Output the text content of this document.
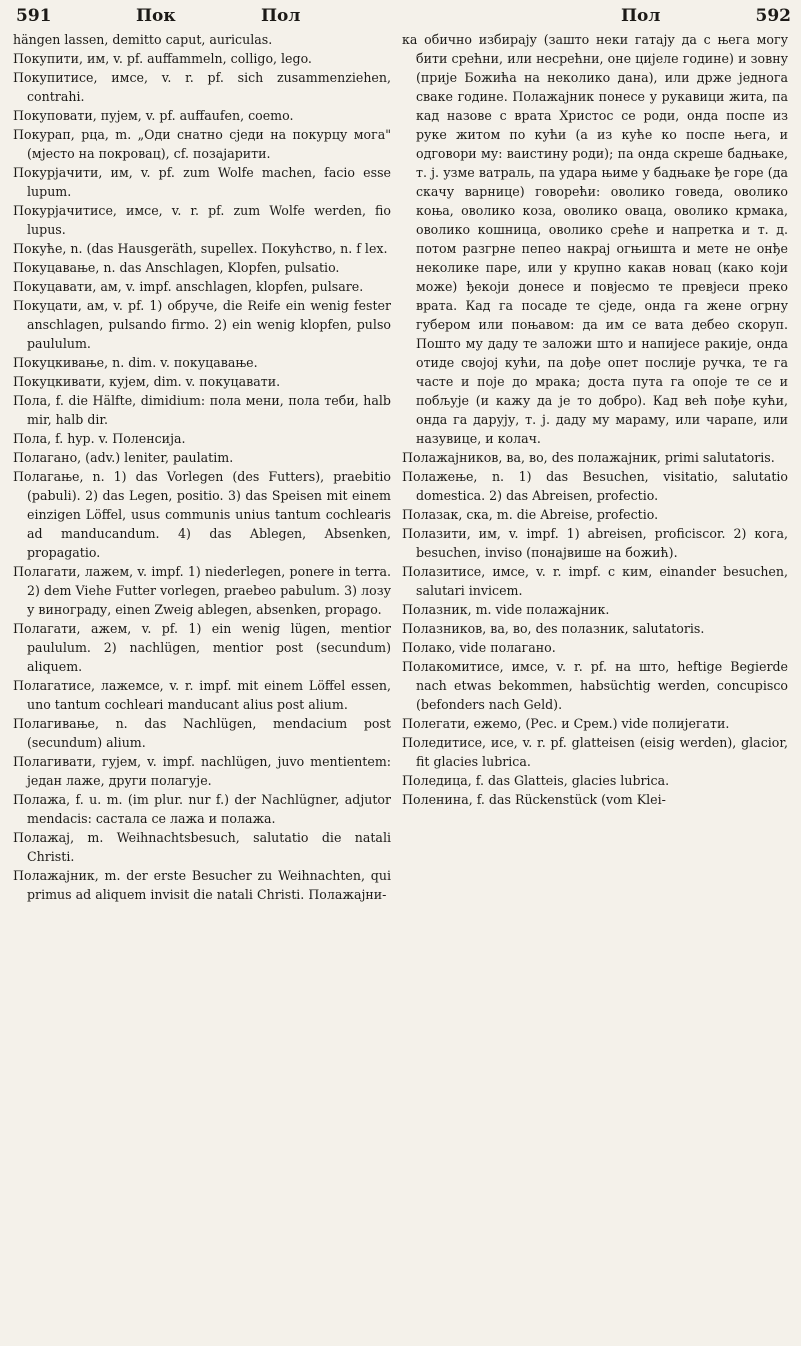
591	Пок	Пол	Пол	592

hängen lassen, demitto caput, auriculas.

Покупити, им, v. pf. auffammeln, colligo, lego.

Покупитисе, имсе, v. r. pf. sich zusammenziehen, contrahi.

Покуповати, пујем, v. pf. auffaufen, coemo.

Покурап, рца, m. „Оди снатно сједи на покурцу мога" (мјесто на покровац), cf. позајарити.

Покурјачити, им, v. pf. zum Wolfe machen, facio esse lupum.

Покурјачитисе, имсе, v. r. pf. zum Wolfe werden, fio lupus.

Покућe, n. (das Hausgeräth, supellex. Покућство, n. f lex.

Покуцавање, n. das Anschlagen, Klopfen, pulsatio.

Покуцавати, ам, v. impf. anschlagen, klopfen, pulsare.

Покуцати, ам, v. pf. 1) обруче, die Reife ein wenig fester anschlagen, pulsando firmo. 2) ein wenig klopfen, pulso paululum.

Покуцкивање, n. dim. v. покуцавање.

Покуцкивати, кујем, dim. v. покуцавати.

Пола, f. die Hälfte, dimidium: пола мени, пола теби, halb mir, halb dir.

Пола, f. hyp. v. Поленсија.

Полагано, (adv.) leniter, paulatim.

Полагање, n. 1) das Vorlegen (des Futters), praebitio (pabuli). 2) das Legen, positio. 3) das Speisen mit einem einzigen Löffel, usus communis unius tantum cochlearis ad manducandum. 4) das Ablegen, Absenken, propagatio.

Полагати, лажем, v. impf. 1) niederlegen, ponere in terra. 2) dem Viehe Futter vorlegen, praebeo pabulum. 3) лозу у винограду, einen Zweig ablegen, absenken, propago.

Полагати, ажем, v. pf. 1) ein wenig lügen, mentior paululum. 2) nachlügen, mentior post (secundum) aliquem.

Полагатисе, лажемсе, v. r. impf. mit einem Löffel essen, uno tantum cochleari manducant alius post alium.

Полагивање, n. das Nachlügen, mendacium post (secundum) alium.

Полагивати, гујем, v. impf. nachlügen, juvo mentientem: један лаже, други полагује.

Полажа, f. u. m. (im plur. nur f.) der Nachlügner, adjutor mendacis: састала се лажа и полажа.

Полажај, m. Weihnachtsbesuch, salutatio die natali Christi.

Полажајник, m. der erste Besucher zu Weihnachten, qui primus ad aliquem invisit die natali Christi. Полажајни-

ка обично избирају (зашто неки гатају да с њега могу бити срећни, или несрећни, оне цијеле године) и зовну (прије Божића на неколико дана), или држе једнога сваке године. Полажајник понесе у рукавици жита, па кад назове с врата Христос се роди, онда поспе из руке житом по кући (а из куће ко поспе њега, и одговори му: ваистину роди); па онда скреше бадњаке, т. ј. узме ватраль, па удара њиме у бадњаке ђе горе (да скачу варнице) говорећи: оволико говеда, оволико коња, оволико коза, оволико оваца, оволико крмака, оволико кошница, оволико среће и напретка и т. д. потом разгрне пепео накрај огњишта и мете не онђе неколике паре, или у крупно какав новац (како који може) ђекоји донесе и повјесмо те превјеси преко врата. Кад га посаде те сједе, онда га жене огрну губером или поњавом: да им се вата дебео скоруп. Пошто му даду те заложи што и напијесе ракије, онда отиде својој кући, па дође опет послије ручка, те га часте и поје до мрака; доста пута га опоје те се и побљује (и кажу да је то добро). Кад већ пође кући, онда га дарују, т. ј. даду му мараму, или чарапе, или назувице, и колач.

Полажајников, ва, во, des полажајник, primi salutatoris.

Полажење, n. 1) das Besuchen, visitatio, salutatio domestica. 2) das Abreisen, profectio.

Полазак, ска, m. die Abreise, profectio.

Полазити, им, v. impf. 1) abreisen, proficiscor. 2) кога, besuchen, inviso (понајвише на божић).

Полазитисе, имсе, v. r. impf. с ким, einander besuchen, salutari invicem.

Полазник, m. vide полажајник.

Полазников, ва, во, des полазник, salutatoris.

Полако, vide полагано.

Полакомитисе, имсе, v. r. pf. на што, heftige Begierde nach etwas bekommen, habsüchtig werden, concupisco (befonders nach Geld).

Полегати, ежемо, (Рес. и Срем.) vide полијегати.

Поледитисе, исе, v. r. pf. glatteisen (eisig werden), glacior, fit glacies lubrica.

Поледица, f. das Glatteis, glacies lubrica.

Поленина, f. das Rückenstück (vom Klei-
